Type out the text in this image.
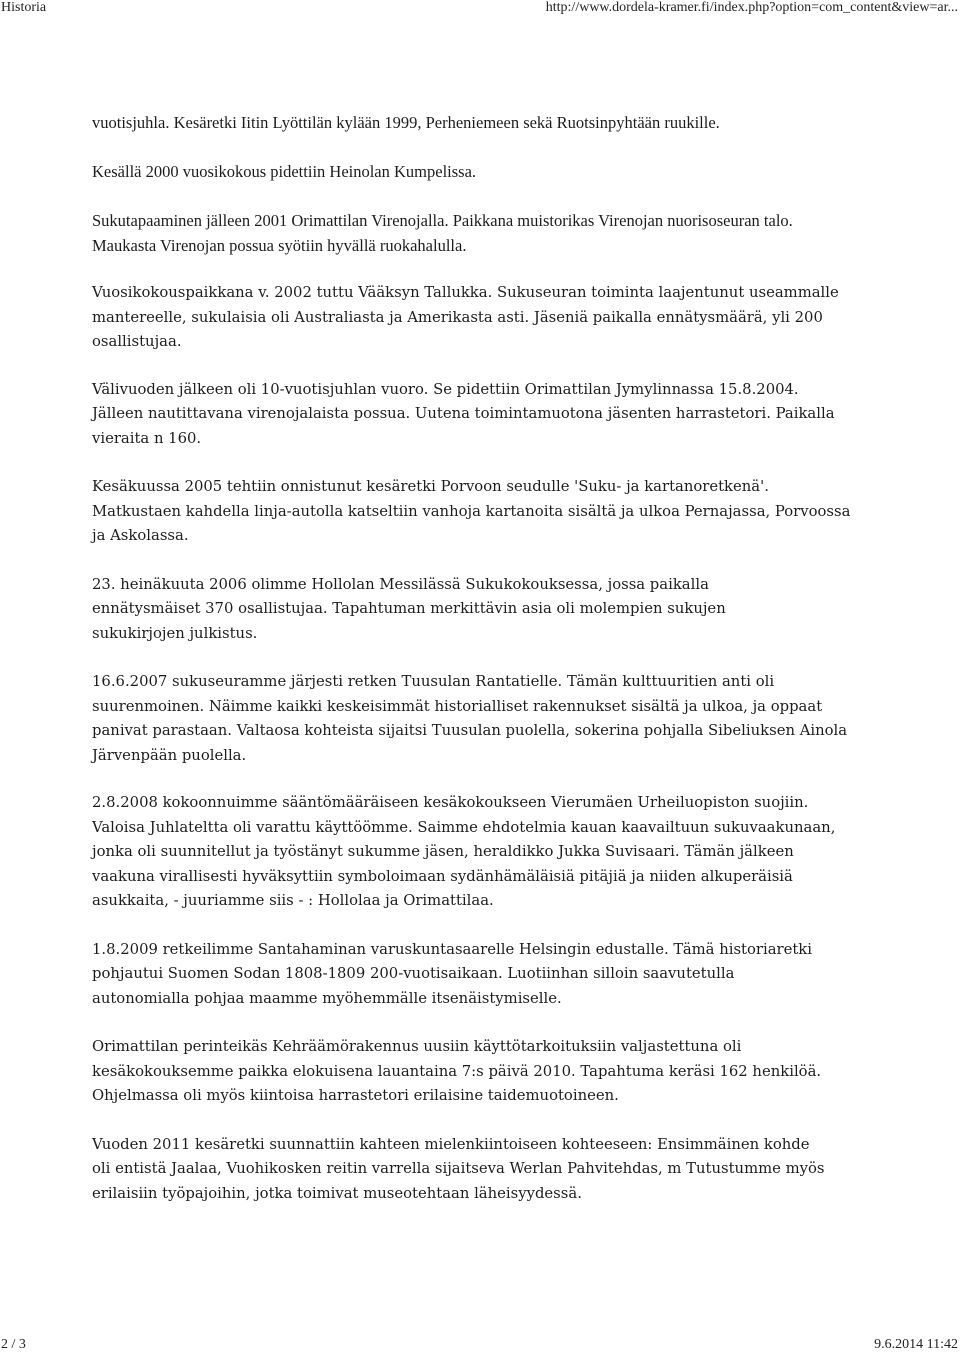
Historia	http://www.dordela-kramer.fi/index.php?option=com_content&view=ar...

vuotisjuhla. Kesäretki Iitin Lyöttilän kylään 1999, Perheniemeen sekä Ruotsinpyhtään ruukille.

Kesällä 2000 vuosikokous pidettiin Heinolan Kumpelissa.

Sukutapaaminen jälleen 2001 Orimattilan Virenojalla. Paikkana muistorikas Virenojan nuorisoseuran talo. Maukasta Virenojan possua syötiin hyvällä ruokahalulla.

Vuosikokouspaikkana v. 2002 tuttu Vääksyn Tallukka. Sukuseuran toiminta laajentunut useammalle mantereelle, sukulaisia oli Australiasta ja Amerikasta asti. Jäseniä paikalla ennätysmäärä, yli 200 osallistujaa.

Välivuoden jälkeen oli 10-vuotisjuhlan vuoro. Se pidettiin Orimattilan Jymylinnassa 15.8.2004. Jälleen nautittavana virenojalaista possua. Uutena toimintamuotona jäsenten harrastetori. Paikalla vieraita n 160.

Kesäkuussa 2005 tehtiin onnistunut kesäretki Porvoon seudulle 'Suku- ja kartanoretkenä'. Matkustaen kahdella linja-autolla katseltiin vanhoja kartanoita sisältä ja ulkoa Pernajassa, Porvoossa ja Askolassa.

23. heinäkuuta 2006 olimme Hollolan Messilässä Sukukokouksessa, jossa paikalla ennätysmäiset 370 osallistujaa. Tapahtuman merkittävin asia oli molempien sukujen sukukirjojen julkistus.

16.6.2007 sukuseuramme järjesti retken Tuusulan Rantatielle. Tämän kulttuuritien anti oli suurenmoinen. Näimme kaikki keskeisimmät historialliset rakennukset sisältä ja ulkoa, ja oppaat panivat parastaan. Valtaosa kohteista sijaitsi Tuusulan puolella, sokerina pohjalla Sibeliuksen Ainola Järvenpään puolella.

2.8.2008 kokoonnuimme sääntömääräiseen kesäkokoukseen Vierumäen Urheiluopiston suojiin. Valoisa Juhlateltta oli varattu käyttöömme. Saimme ehdotelmia kauan kaavailtuun sukuvaakunaan, jonka oli suunnitellut ja työstänyt sukumme jäsen, heraldikko Jukka Suvisaari. Tämän jälkeen vaakuna virallisesti hyväksyttiin symboloimaan sydänhämäläisiä pitäjiä ja niiden alkuperäisiä asukkaita, - juuriamme siis - : Hollolaa ja Orimattilaa.

1.8.2009 retkeilimme Santahaminan varuskuntasaarelle Helsingin edustalle. Tämä historiaretki pohjautui Suomen Sodan 1808-1809 200-vuotisaikaan. Luotiinhan silloin saavutetulla autonomialla pohjaa maamme myöhemmälle itsenäistymiselle.

Orimattilan perinteikäs Kehräämörakennus uusiin käyttötarkoituksiin valjastettuna oli kesäkokouksemme paikka elokuisena lauantaina 7:s päivä 2010. Tapahtuma keräsi 162 henkilöä. Ohjelmassa oli myös kiintoisa harrastetori erilaisine taidemuotoineen.

Vuoden 2011 kesäretki suunnattiin kahteen mielenkiintoiseen kohteeseen: Ensimmäinen kohde oli entistä Jaalaa, Vuohikosken reitin varrella sijaitseva Werlan Pahvitehdas, m Tutustumme myös erilaisiin työpajoihin, jotka toimivat museotehtaan läheisyydessä.

2 / 3	9.6.2014 11:42
